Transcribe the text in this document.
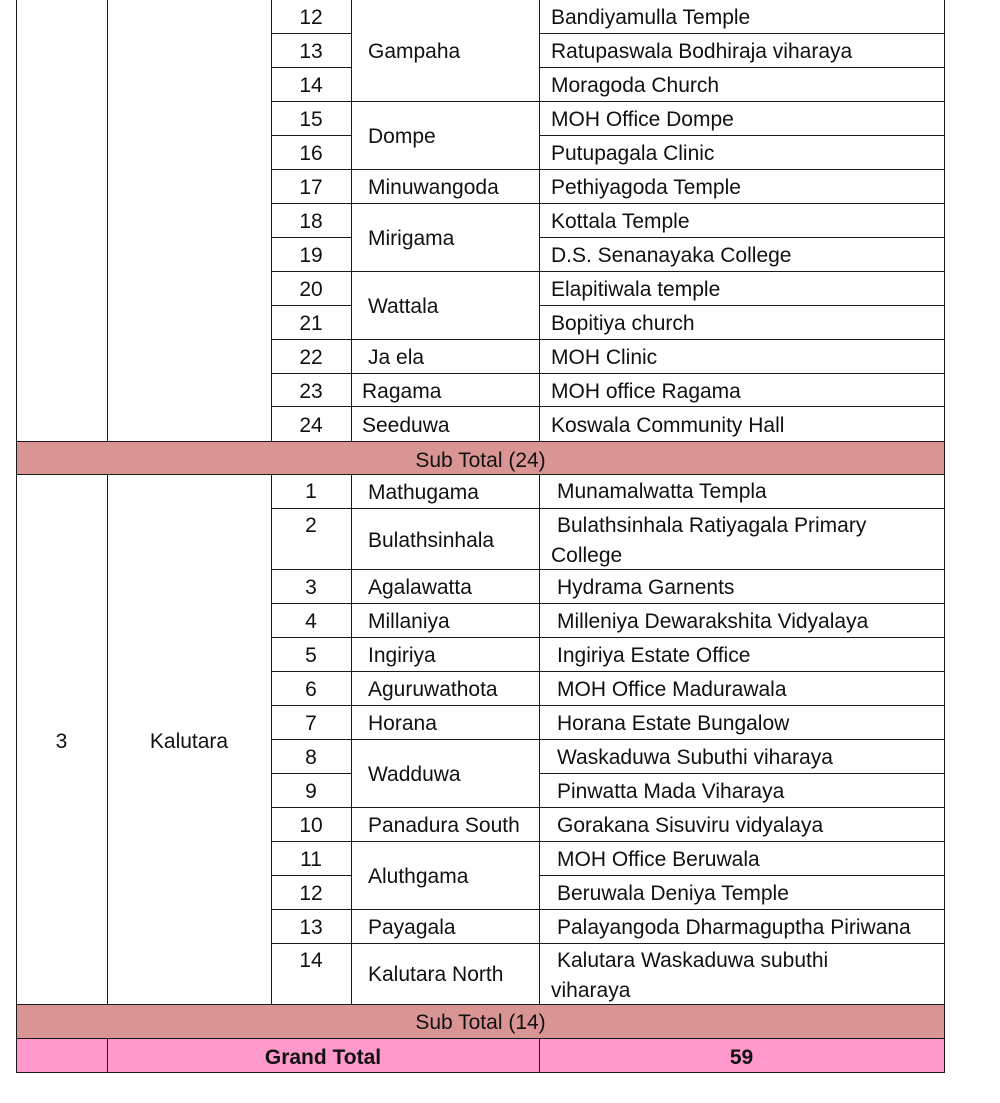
12
13
14
15
16
17
18
19
20
21
22
23
24
Gampaha
Dompe
Minuwangoda
Mirigama
Wattala
Ja ela
Ragama
Seeduwa
Bandiyamulla Temple
Ratupaswala Bodhiraja viharaya
Moragoda Church
MOH Office Dompe
Putupagala Clinic
Pethiyagoda Temple
Kottala Temple
D.S. Senanayaka College
Elapitiwala temple
Bopitiya church
MOH Clinic
MOH office Ragama
Koswala Community Hall
Sub Total (24)
3	Kalutara
1
2
3
4
5
6
7
8
9
10
11
12
13
14
Mathugama
Bulathsinhala
Agalawatta
Millaniya
Ingiriya
Aguruwathota
Horana
Wadduwa
Panadura South
Aluthgama
Payagala
Kalutara North
Munamalwatta Templa
Bulathsinhala Ratiyagala Primary
College
Hydrama Garnents
Milleniya Dewarakshita Vidyalaya
Ingiriya Estate Office
MOH Office Madurawala
Horana Estate Bungalow
Waskaduwa Subuthi viharaya
Pinwatta Mada Viharaya
Gorakana Sisuviru vidyalaya
MOH Office Beruwala
Beruwala Deniya Temple
Palayangoda Dharmaguptha Piriwana
Kalutara Waskaduwa subuthi
viharaya
Sub Total (14)
Grand Total	59
